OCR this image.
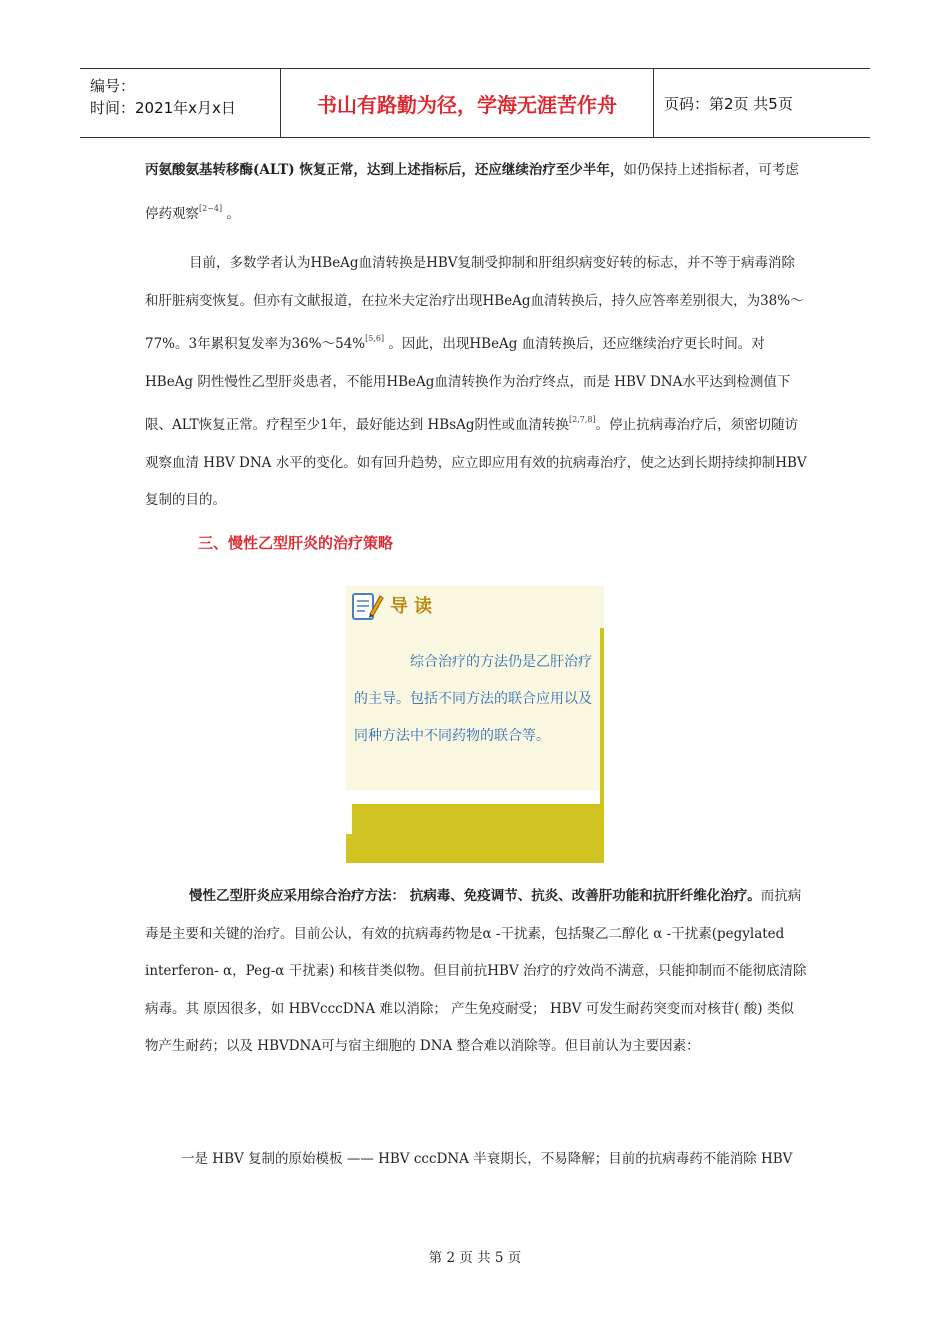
编号：
时间：2021年x月x日	书山有路勤为径，学海无涯苦作舟	页码：第2页 共5页
丙氨酸氨基转移酶(ALT) 恢复正常，达到上述指标后，还应继续治疗至少半年，如仍保持上述指标者，可考虑停药观察[2~4] 。
目前，多数学者认为HBeAg血清转换是HBV复制受抑制和肝组织病变好转的标志，并不等于病毒消除和肝脏病变恢复。但亦有文献报道，在拉米夫定治疗出现HBeAg血清转换后，持久应答率差别很大，为38%～77%。3年累积复发率为36%～54%[5,6] 。因此，出现HBeAg 血清转换后，还应继续治疗更长时间。对HBeAg 阴性慢性乙型肝炎患者，不能用HBeAg血清转换作为治疗终点，而是 HBV DNA水平达到检测值下限、ALT恢复正常。疗程至少1年，最好能达到 HBsAg阴性或血清转换[2,7,8]。停止抗病毒治疗后，须密切随访观察血清 HBV DNA 水平的变化。如有回升趋势，应立即应用有效的抗病毒治疗，使之达到长期持续抑制HBV 复制的目的。
三、慢性乙型肝炎的治疗策略
导读
综合治疗的方法仍是乙肝治疗的主导。包括不同方法的联合应用以及同种方法中不同药物的联合等。
慢性乙型肝炎应采用综合治疗方法： 抗病毒、免疫调节、抗炎、改善肝功能和抗肝纤维化治疗。而抗病毒是主要和关键的治疗。目前公认，有效的抗病毒药物是α -干扰素，包括聚乙二醇化 α -干扰素(pegylated interferon- α，Peg-α 干扰素) 和核苷类似物。但目前抗HBV 治疗的疗效尚不满意，只能抑制而不能彻底清除病毒。其 原因很多，如 HBVcccDNA 难以消除； 产生免疫耐受； HBV 可发生耐药突变而对核苷( 酸) 类似物产生耐药；以及 HBVDNA可与宿主细胞的 DNA 整合难以消除等。但目前认为主要因素：
一是 HBV 复制的原始模板 —— HBV cccDNA 半衰期长，不易降解；目前的抗病毒药不能消除 HBV
第 2 页 共 5 页
